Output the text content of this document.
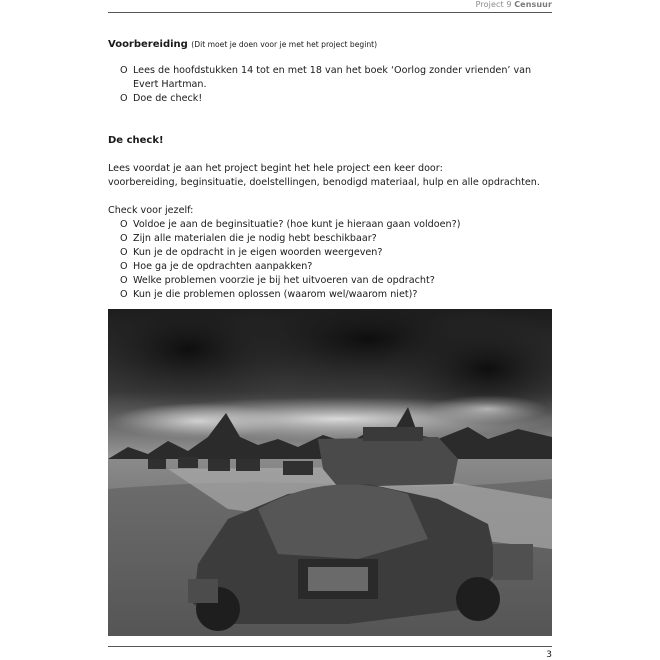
Project 9 Censuur
Voorbereiding (Dit moet je doen voor je met het project begint)
O Lees de hoofdstukken 14 tot en met 18 van het boek ‘Oorlog zonder vrienden’ van Evert Hartman.
O Doe de check!
De check!
Lees voordat je aan het project begint het hele project een keer door:
voorbereiding, beginsituatie, doelstellingen, benodigd materiaal, hulp en alle opdrachten.
Check voor jezelf:
O Voldoe je aan de beginsituatie? (hoe kunt je hieraan gaan voldoen?)
O Zijn alle materialen die je nodig hebt beschikbaar?
O Kun je de opdracht in je eigen woorden weergeven?
O Hoe ga je de opdrachten aanpakken?
O Welke problemen voorzie je bij het uitvoeren van de opdracht?
O Kun je die problemen oplossen (waarom wel/waarom niet)?
3
